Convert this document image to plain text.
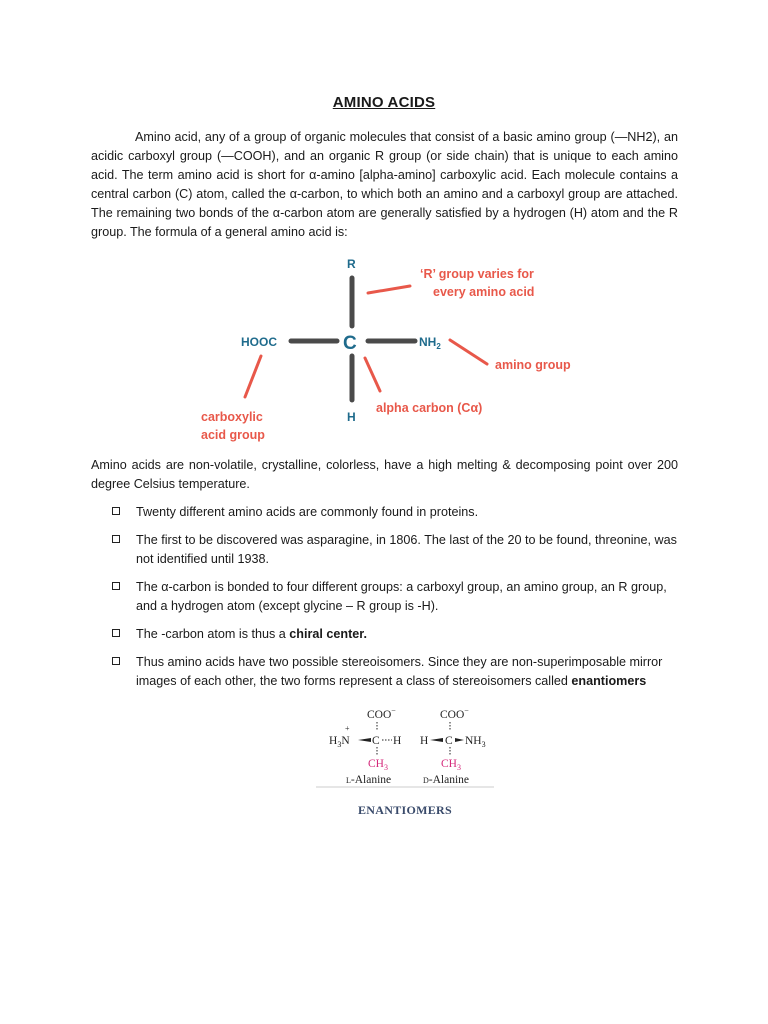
AMINO ACIDS
Amino acid, any of a group of organic molecules that consist of a basic amino group (—NH2), an acidic carboxyl group (—COOH), and an organic R group (or side chain) that is unique to each amino acid. The term amino acid is short for α-amino [alpha-amino] carboxylic acid. Each molecule contains a central carbon (C) atom, called the α-carbon, to which both an amino and a carboxyl group are attached. The remaining two bonds of the α-carbon atom are generally satisfied by a hydrogen (H) atom and the R group. The formula of a general amino acid is:
R
C
H
HOOC	$NH_2$
‘R’ group varies for
every amino acid
amino group
alpha carbon (Cα)
carboxylic
acid group
Amino acids are non-volatile, crystalline, colorless, have a high melting & decomposing point over 200 degree Celsius temperature.
Twenty different amino acids are commonly found in proteins.
The first to be discovered was asparagine, in 1806. The last of the 20 to be found, threonine, was not identified until 1938.
The α-carbon is bonded to four different groups: a carboxyl group, an amino group, an R group, and a hydrogen atom (except glycine – R group is -H).
The -carbon atom is thus a chiral center.
Thus amino acids have two possible stereoisomers. Since they are non-superimposable mirror images of each other, the two forms represent a class of stereoisomers called enantiomers
COO−
$H_3N$
+
C H
$CH_3$
L-Alanine
COO−
H C $NH_3$
$CH_3$
D-Alanine
ENANTIOMERS
